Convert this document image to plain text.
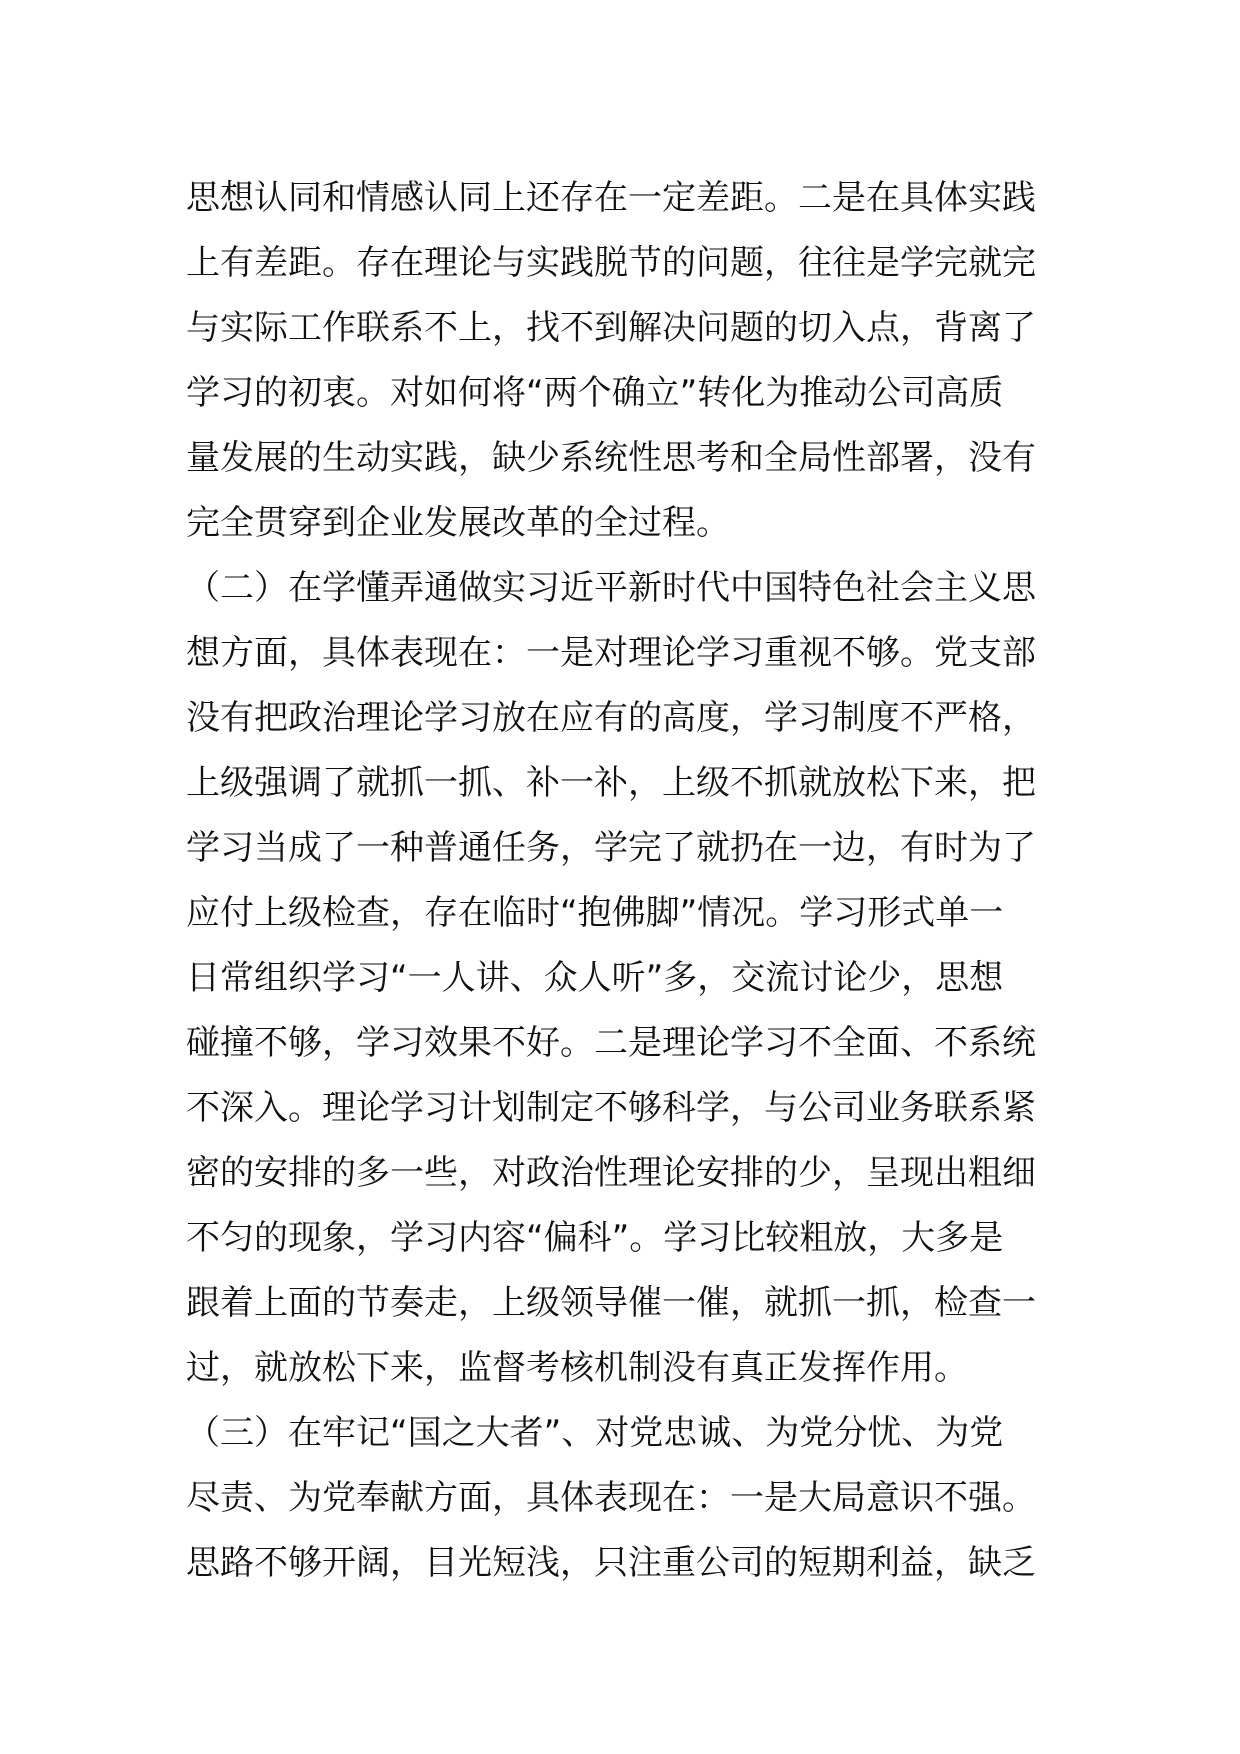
思想认同和情感认同上还存在一定差距。二是在具体实践
上有差距。存在理论与实践脱节的问题，往往是学完就完
与实际工作联系不上，找不到解决问题的切入点，背离了
学习的初衷。对如何将“两个确立”转化为推动公司高质
量发展的生动实践，缺少系统性思考和全局性部署，没有
完全贯穿到企业发展改革的全过程。
（二）在学懂弄通做实习近平新时代中国特色社会主义思
想方面，具体表现在：一是对理论学习重视不够。党支部
没有把政治理论学习放在应有的高度，学习制度不严格，
上级强调了就抓一抓、补一补，上级不抓就放松下来，把
学习当成了一种普通任务，学完了就扔在一边，有时为了
应付上级检查，存在临时“抱佛脚”情况。学习形式单一
日常组织学习“一人讲、众人听”多，交流讨论少，思想
碰撞不够，学习效果不好。二是理论学习不全面、不系统
不深入。理论学习计划制定不够科学，与公司业务联系紧
密的安排的多一些，对政治性理论安排的少，呈现出粗细
不匀的现象，学习内容“偏科”。学习比较粗放，大多是
跟着上面的节奏走，上级领导催一催，就抓一抓，检查一
过，就放松下来，监督考核机制没有真正发挥作用。
（三）在牢记“国之大者”、对党忠诚、为党分忧、为党
尽责、为党奉献方面，具体表现在：一是大局意识不强。
思路不够开阔，目光短浅，只注重公司的短期利益，缺乏
